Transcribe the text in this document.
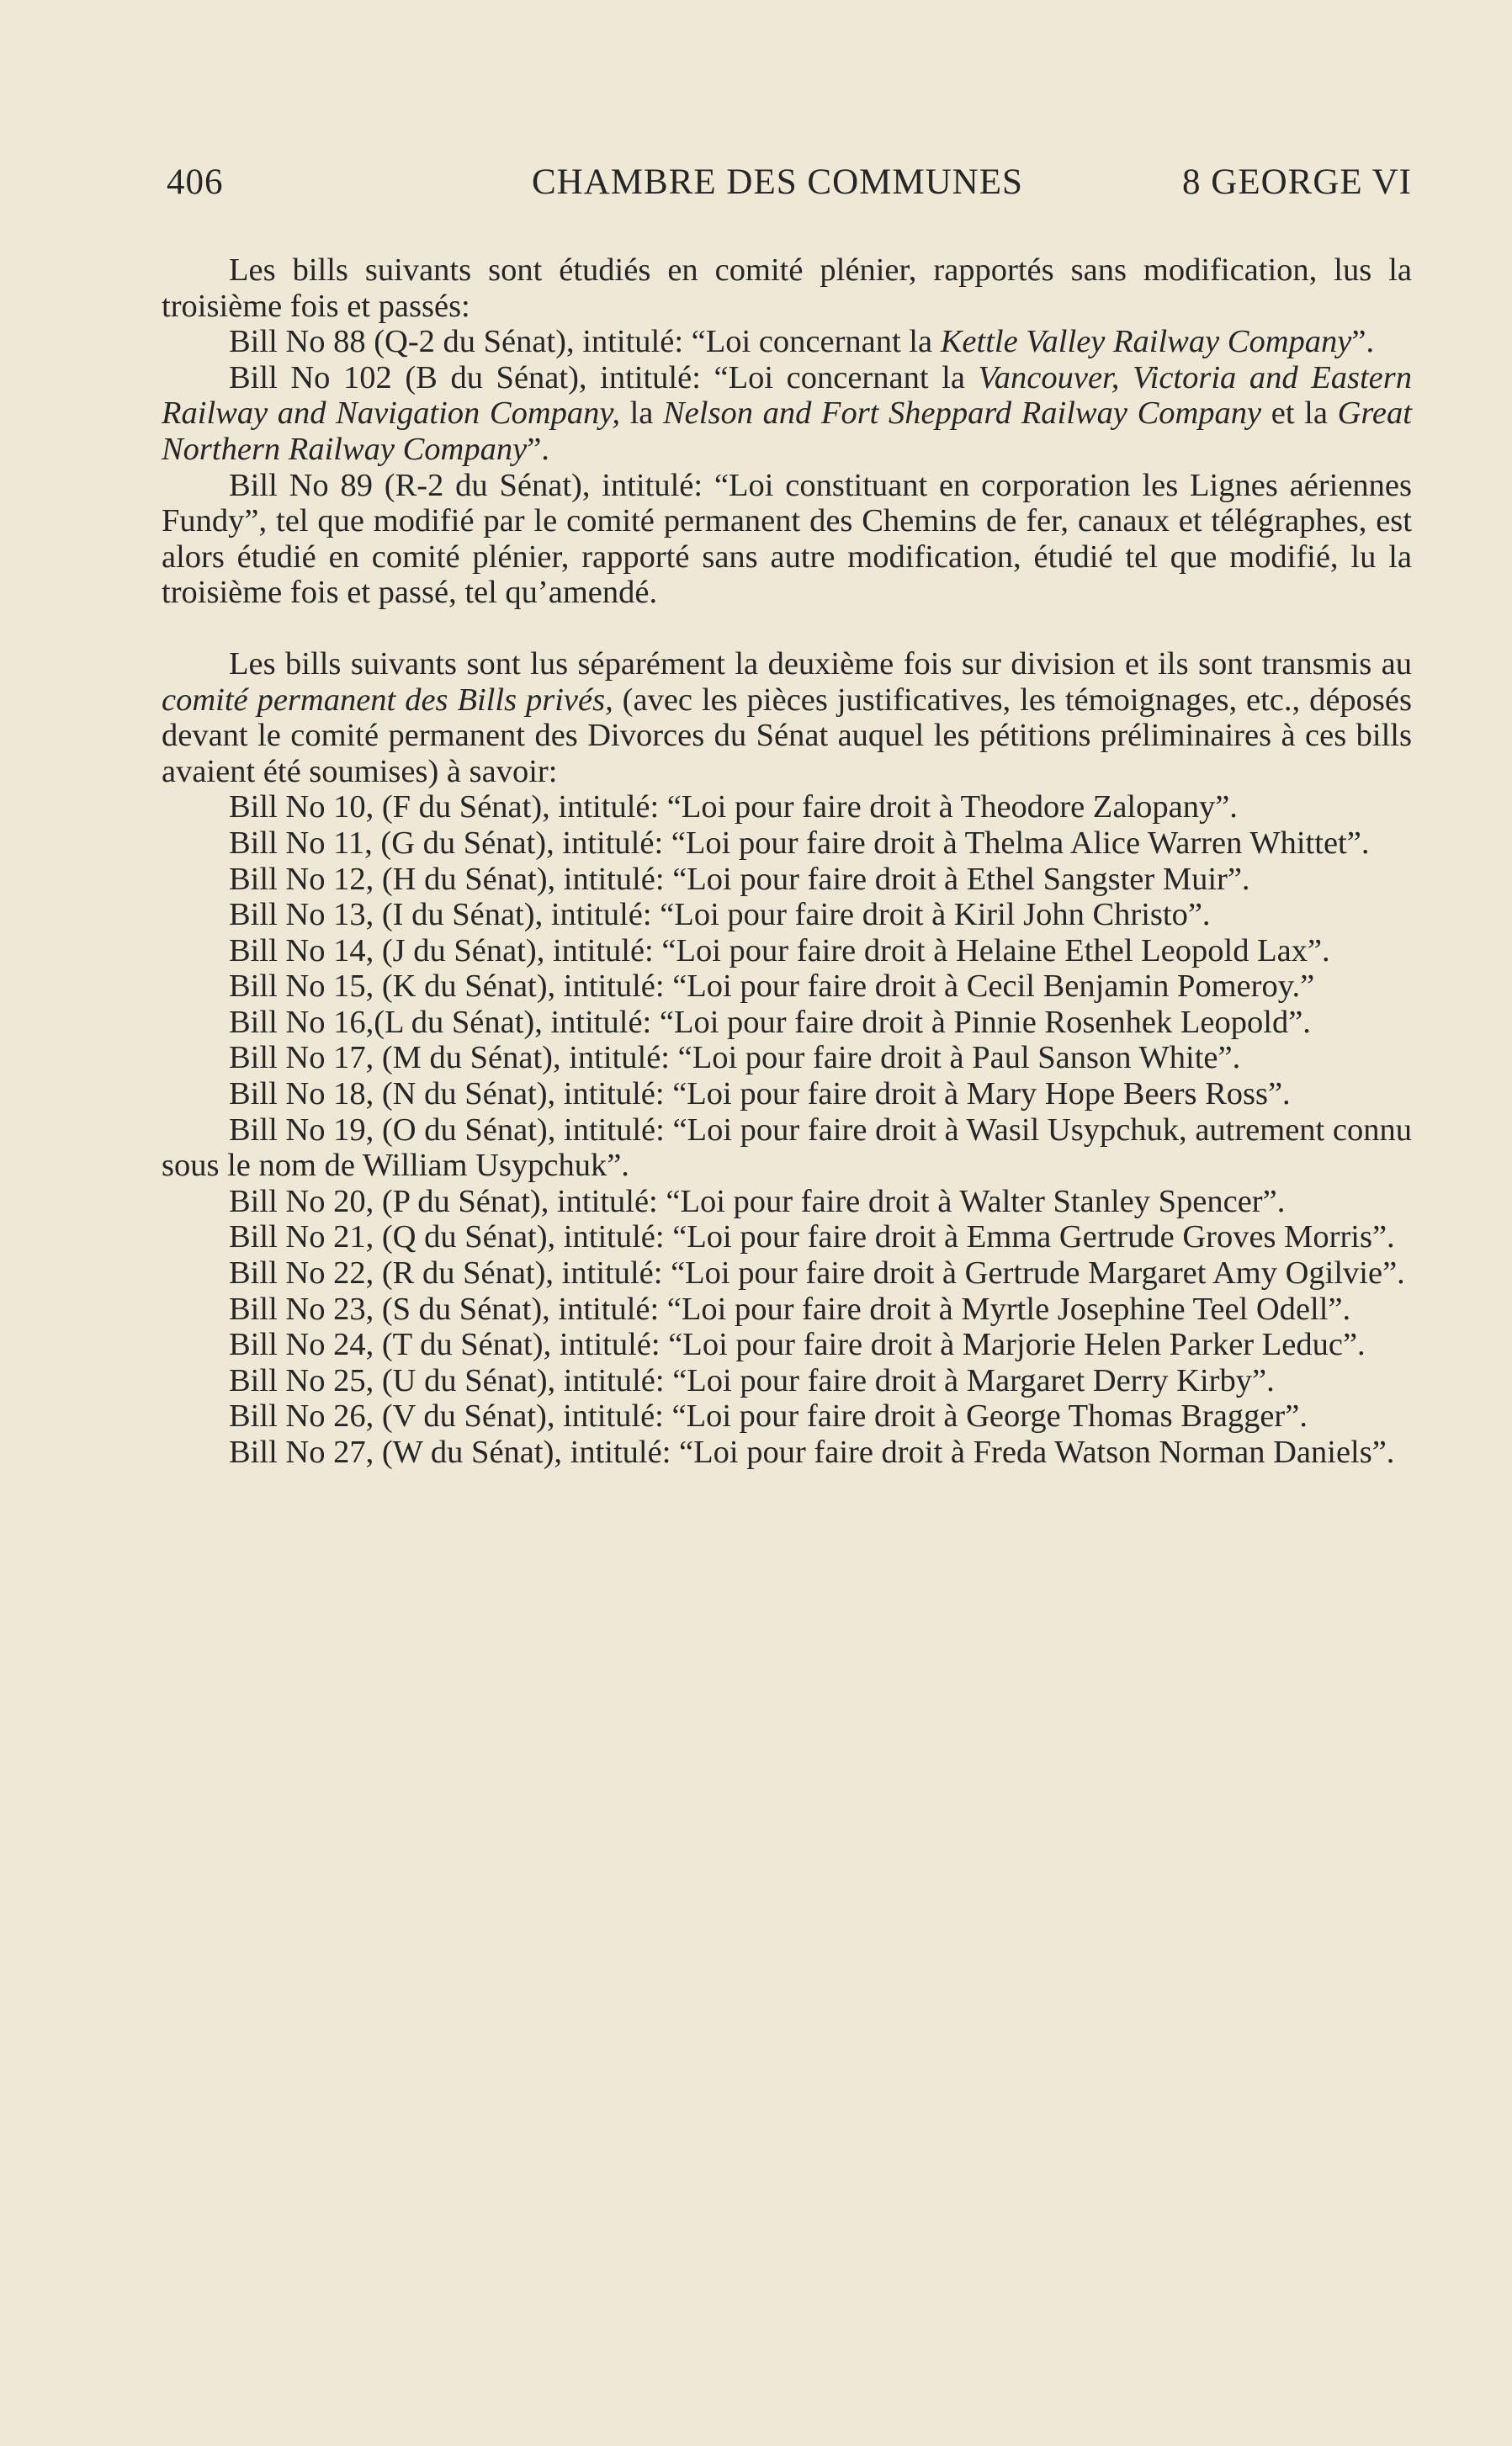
406	CHAMBRE DES COMMUNES	8 GEORGE VI

Les bills suivants sont étudiés en comité plénier, rapportés sans modification, lus la troisième fois et passés:

Bill No 88 (Q-2 du Sénat), intitulé: “Loi concernant la Kettle Valley Railway Company”.

Bill No 102 (B du Sénat), intitulé: “Loi concernant la Vancouver, Victoria and Eastern Railway and Navigation Company, la Nelson and Fort Sheppard Railway Company et la Great Northern Railway Company”.

Bill No 89 (R-2 du Sénat), intitulé: “Loi constituant en corporation les Lignes aériennes Fundy”, tel que modifié par le comité permanent des Chemins de fer, canaux et télégraphes, est alors étudié en comité plénier, rapporté sans autre modification, étudié tel que modifié, lu la troisième fois et passé, tel qu’amendé.

Les bills suivants sont lus séparément la deuxième fois sur division et ils sont transmis au comité permanent des Bills privés, (avec les pièces justificatives, les témoignages, etc., déposés devant le comité permanent des Divorces du Sénat auquel les pétitions préliminaires à ces bills avaient été soumises) à savoir:

Bill No 10, (F du Sénat), intitulé: “Loi pour faire droit à Theodore Zalopany”.

Bill No 11, (G du Sénat), intitulé: “Loi pour faire droit à Thelma Alice Warren Whittet”.

Bill No 12, (H du Sénat), intitulé: “Loi pour faire droit à Ethel Sangster Muir”.

Bill No 13, (I du Sénat), intitulé: “Loi pour faire droit à Kiril John Christo”.

Bill No 14, (J du Sénat), intitulé: “Loi pour faire droit à Helaine Ethel Leopold Lax”.

Bill No 15, (K du Sénat), intitulé: “Loi pour faire droit à Cecil Benjamin Pomeroy.”

Bill No 16,(L du Sénat), intitulé: “Loi pour faire droit à Pinnie Rosenhek Leopold”.

Bill No 17, (M du Sénat), intitulé: “Loi pour faire droit à Paul Sanson White”.

Bill No 18, (N du Sénat), intitulé: “Loi pour faire droit à Mary Hope Beers Ross”.

Bill No 19, (O du Sénat), intitulé: “Loi pour faire droit à Wasil Usypchuk, autrement connu sous le nom de William Usypchuk”.

Bill No 20, (P du Sénat), intitulé: “Loi pour faire droit à Walter Stanley Spencer”.

Bill No 21, (Q du Sénat), intitulé: “Loi pour faire droit à Emma Gertrude Groves Morris”.

Bill No 22, (R du Sénat), intitulé: “Loi pour faire droit à Gertrude Margaret Amy Ogilvie”.

Bill No 23, (S du Sénat), intitulé: “Loi pour faire droit à Myrtle Josephine Teel Odell”.

Bill No 24, (T du Sénat), intitulé: “Loi pour faire droit à Marjorie Helen Parker Leduc”.

Bill No 25, (U du Sénat), intitulé: “Loi pour faire droit à Margaret Derry Kirby”.

Bill No 26, (V du Sénat), intitulé: “Loi pour faire droit à George Thomas Bragger”.

Bill No 27, (W du Sénat), intitulé: “Loi pour faire droit à Freda Watson Norman Daniels”.
